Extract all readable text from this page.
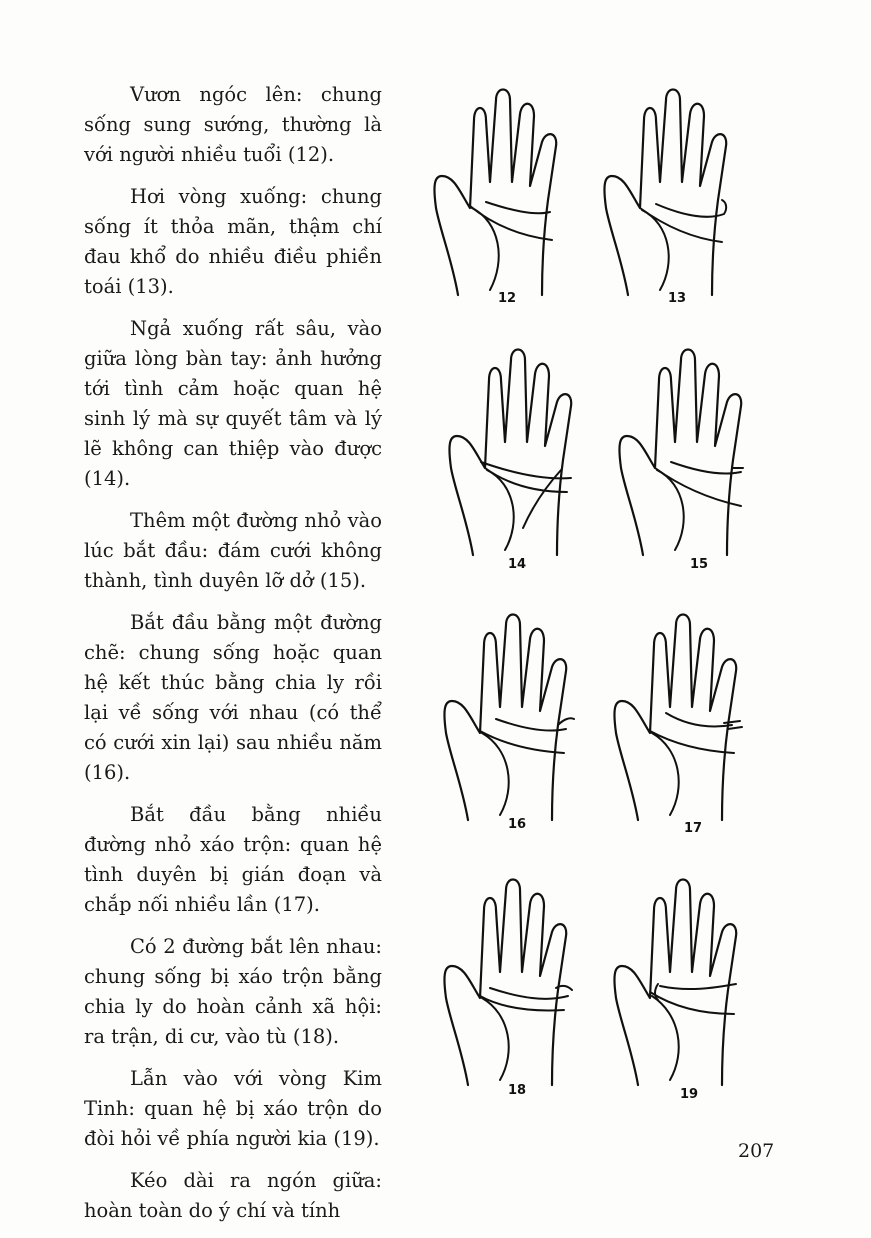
Vươn ngóc lên: chung sống sung sướng, thường là với người nhiều tuổi (12).

Hơi vòng xuống: chung sống ít thỏa mãn, thậm chí đau khổ do nhiều điều phiền toái (13).

Ngả xuống rất sâu, vào giữa lòng bàn tay: ảnh hưởng tới tình cảm hoặc quan hệ sinh lý mà sự quyết tâm và lý lẽ không can thiệp vào được (14).

Thêm một đường nhỏ vào lúc bắt đầu: đám cưới không thành, tình duyên lỡ dở (15).

Bắt đầu bằng một đường chẽ: chung sống hoặc quan hệ kết thúc bằng chia ly rồi lại về sống với nhau (có thể có cưới xin lại) sau nhiều năm (16).

Bắt đầu bằng nhiều đường nhỏ xáo trộn: quan hệ tình duyên bị gián đoạn và chắp nối nhiều lần (17).

Có 2 đường bắt lên nhau: chung sống bị xáo trộn bằng chia ly do hoàn cảnh xã hội: ra trận, di cư, vào tù (18).

Lẫn vào với vòng Kim Tinh: quan hệ bị xáo trộn do đòi hỏi về phía người kia (19).

Kéo dài ra ngón giữa: hoàn toàn do ý chí và tính

12	13
14	15
16	17
18	19
207
